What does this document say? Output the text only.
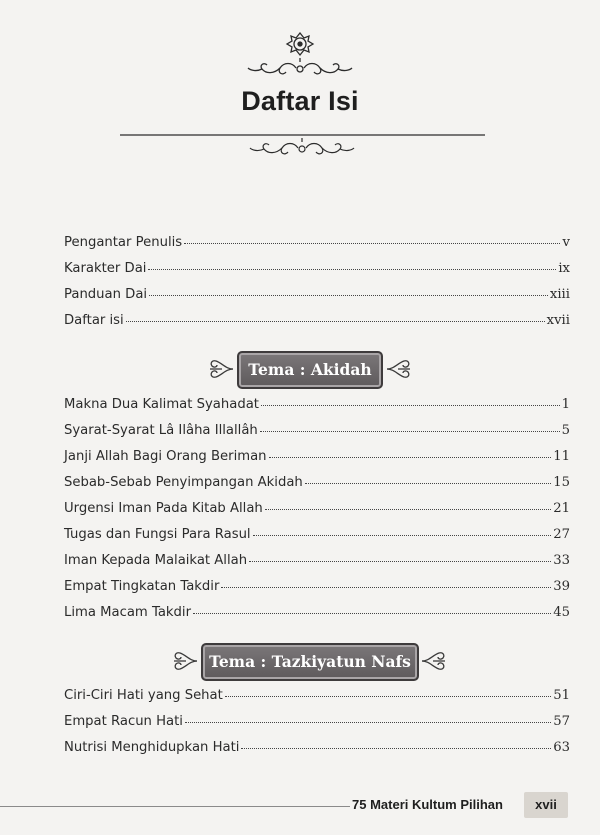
Daftar Isi
Pengantar Penulis	v
Karakter Dai	ix
Panduan Dai	xiii
Daftar isi	xvii
Tema : Akidah
Makna Dua Kalimat Syahadat	1
Syarat-Syarat Lâ Ilâha Illallâh	5
Janji Allah Bagi Orang Beriman	11
Sebab-Sebab Penyimpangan Akidah	15
Urgensi Iman Pada Kitab Allah	21
Tugas dan Fungsi Para Rasul	27
Iman Kepada Malaikat Allah	33
Empat Tingkatan Takdir	39
Lima Macam Takdir	45
Tema : Tazkiyatun Nafs
Ciri-Ciri Hati yang Sehat	51
Empat Racun Hati	57
Nutrisi Menghidupkan Hati	63
75 Materi Kultum Pilihan	xvii
